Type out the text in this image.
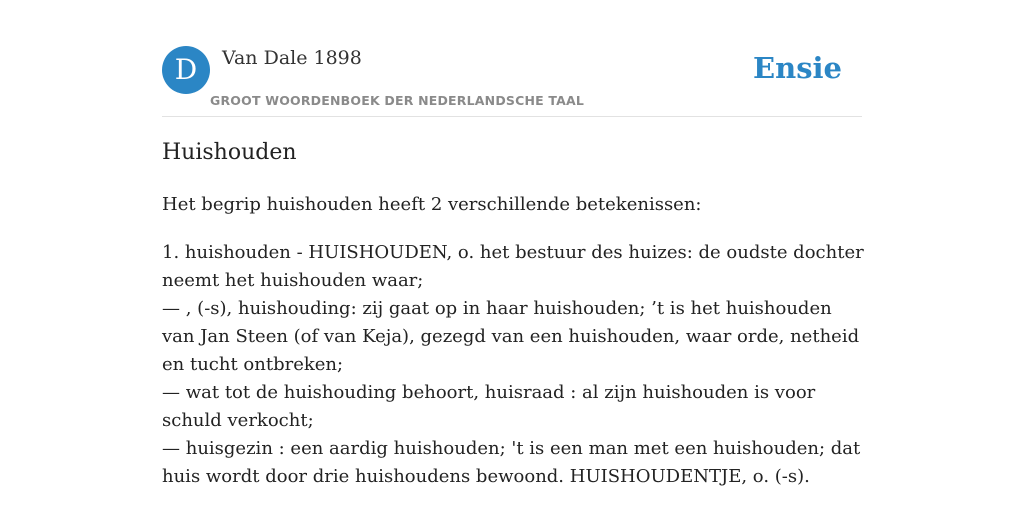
D	Van Dale 1898
GROOT WOORDENBOEK DER NEDERLANDSCHE TAAL
Ensie
Huishouden

Het begrip huishouden heeft 2 verschillende betekenissen:

1. huishouden - HUISHOUDEN, o. het bestuur des huizes: de oudste dochter neemt het huishouden waar;
— , (-s), huishouding: zij gaat op in haar huishouden; ’t is het huishouden van Jan Steen (of van Keja), gezegd van een huishouden, waar orde, netheid en tucht ontbreken;
— wat tot de huishouding behoort, huisraad : al zijn huishouden is voor schuld verkocht;
— huisgezin : een aardig huishouden; 't is een man met een huishouden; dat huis wordt door drie huishoudens bewoond. HUISHOUDENTJE, o. (-s).
